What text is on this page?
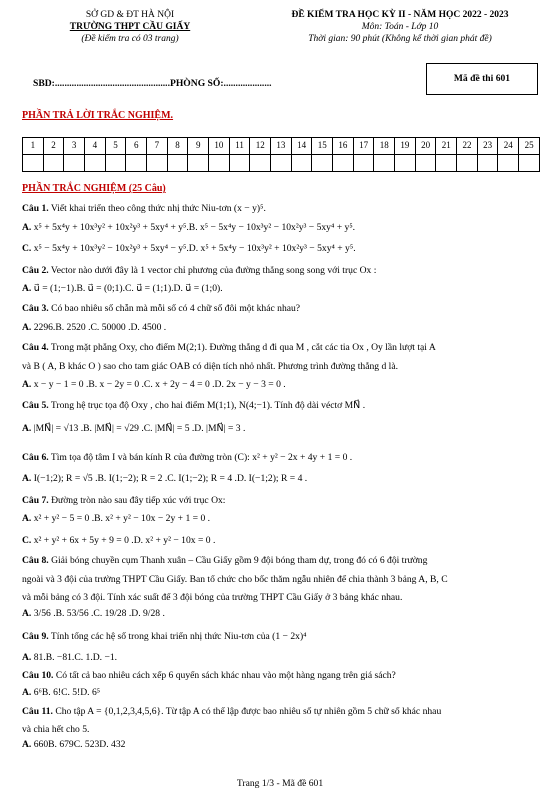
SỞ GD & ĐT HÀ NỘI
TRƯỜNG THPT CẦU GIẤY
(Đề kiểm tra có 03 trang)
ĐỀ KIỂM TRA HỌC KỲ II - NĂM HỌC 2022 - 2023
Môn: Toán - Lớp 10
Thời gian: 90 phút (Không kể thời gian phát đề)
SBD:................................................PHÒNG SỐ:....................	Mã đề thi 601
PHẦN TRẢ LỜI TRẮC NGHIỆM.
1	2	3	4	5	6	7	8	9	10	11	12	13	14	15	16	17	18	19	20	21	22	23	24	25

PHẦN TRẮC NGHIỆM (25 Câu)
Câu 1. Viết khai triển theo công thức nhị thức Niu-tơn (x − y)⁵.
A. x⁵ + 5x⁴y + 10x³y² + 10x²y³ + 5xy⁴ + y⁵.B. x⁵ − 5x⁴y − 10x³y² − 10x²y³ − 5xy⁴ + y⁵.
C. x⁵ − 5x⁴y + 10x³y² − 10x²y³ + 5xy⁴ − y⁵.D. x⁵ + 5x⁴y − 10x³y² + 10x²y³ − 5xy⁴ + y⁵.
Câu 2. Vector nào dưới đây là 1 vector chỉ phương của đường thẳng song song với trục Ox :
A. u⃗ = (1;−1).B. u⃗ = (0;1).C. u⃗ = (1;1).D. u⃗ = (1;0).
Câu 3. Có bao nhiêu số chẵn mà mỗi số có 4 chữ số đôi một khác nhau?
A. 2296.B. 2520 .C. 50000 .D. 4500 .
Câu 4. Trong mặt phẳng Oxy, cho điểm M(2;1). Đường thẳng d đi qua M , cắt các tia Ox , Oy lần lượt tại A
và B ( A, B khác O ) sao cho tam giác OAB có diện tích nhỏ nhất. Phương trình đường thẳng d là.
A. x − y − 1 = 0 .B. x − 2y = 0 .C. x + 2y − 4 = 0 .D. 2x − y − 3 = 0 .
Câu 5. Trong hệ trục tọa độ Oxy , cho hai điểm M(1;1), N(4;−1). Tính độ dài véctơ MN⃗ .
A. |MN⃗| = √13 .B. |MN⃗| = √29 .C. |MN⃗| = 5 .D. |MN⃗| = 3 .
Câu 6. Tìm tọa độ tâm I và bán kính R của đường tròn (C): x² + y² − 2x + 4y + 1 = 0 .
A. I(−1;2); R = √5 .B. I(1;−2); R = 2 .C. I(1;−2); R = 4 .D. I(−1;2); R = 4 .
Câu 7. Đường tròn nào sau đây tiếp xúc với trục Ox:
A. x² + y² − 5 = 0 .B. x² + y² − 10x − 2y + 1 = 0 .
C. x² + y² + 6x + 5y + 9 = 0 .D. x² + y² − 10x = 0 .
Câu 8. Giải bóng chuyền cụm Thanh xuân – Cầu Giấy gồm 9 đội bóng tham dự, trong đó có 6 đội trường
ngoài và 3 đội của trường THPT Cầu Giấy. Ban tổ chức cho bốc thăm ngẫu nhiên để chia thành 3 bảng A, B, C
và mỗi bảng có 3 đội. Tính xác suất để 3 đội bóng của trường THPT Cầu Giấy ở 3 bảng khác nhau.
A. 3/56 .B. 53/56 .C. 19/28 .D. 9/28 .
Câu 9. Tính tổng các hệ số trong khai triển nhị thức Niu-tơn của (1 − 2x)⁴
A. 81.B. −81.C. 1.D. −1.
Câu 10. Có tất cả bao nhiêu cách xếp 6 quyển sách khác nhau vào một hàng ngang trên giá sách?
A. 6⁶B. 6!C. 5!D. 6⁵
Câu 11. Cho tập A = {0,1,2,3,4,5,6}. Từ tập A có thể lập được bao nhiêu số tự nhiên gồm 5 chữ số khác nhau
và chia hết cho 5.
A. 660B. 679C. 523D. 432
Trang 1/3 - Mã đề 601
